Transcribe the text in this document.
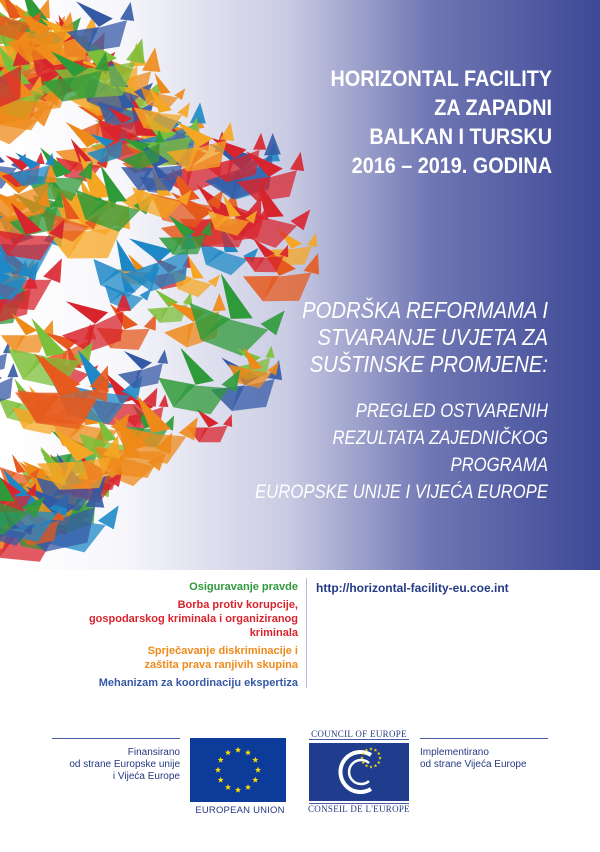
HORIZONTAL FACILITY
ZA ZAPADNI
BALKAN I TURSKU
2016 – 2019. GODINA
PODRŠKA REFORMAMA I
STVARANJE UVJETA ZA
SUŠTINSKE PROMJENE:
PREGLED OSTVARENIH
REZULTATA ZAJEDNIČKOG PROGRAMA
EUROPSKE UNIJE I VIJEĆA EUROPE
Osiguravanje pravde
Borba protiv korupcije,
gospodarskog kriminala i organiziranog kriminala
Sprječavanje diskriminacije i
zaštita prava ranjivih skupina
Mehanizam za koordinaciju ekspertiza
http://horizontal-facility-eu.coe.int
Finansirano
od strane Europske unije
i Vijeća Europe
EUROPEAN UNION
COUNCIL OF EUROPE
CONSEIL DE L'EUROPE
Implementirano
od strane Vijeća Europe
